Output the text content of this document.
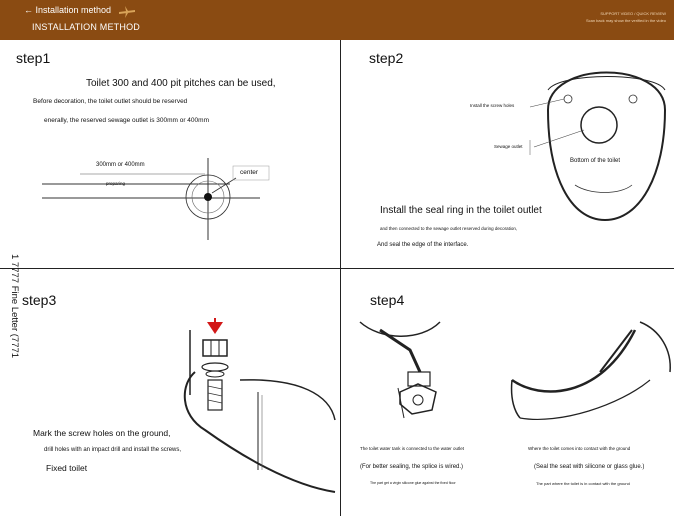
← Installation method
INSTALLATION METHOD
SUPPORT VIDEO / QUICK REVIEW
Scan back may show the verified in the video
step1
Toilet 300 and 400 pit pitches can be used,
Before decoration, the toilet outlet should be reserved
enerally, the reserved sewage outlet is 300mm or 400mm
1 7777 Fine Letter (7771
300mm or 400mm
preparing
center
step2
Install the screw holes
Sewage outlet
Bottom of the toilet
Install the seal ring in the toilet outlet
and then connected to the sewage outlet reserved during decoration,
And seal the edge of the interface.
step3
Mark the screw holes on the ground,
drill holes with an impact drill and install the screws,
Fixed toilet
step4
The toilet water tank is connected to the water outlet
(For better sealing, the splice is wired.)
The part get a virgin silicone glue against the fixed floor
Where the toilet comes into contact with the ground
(Seal the seat with silicone or glass glue.)
The part where the toilet is in contact with the ground
